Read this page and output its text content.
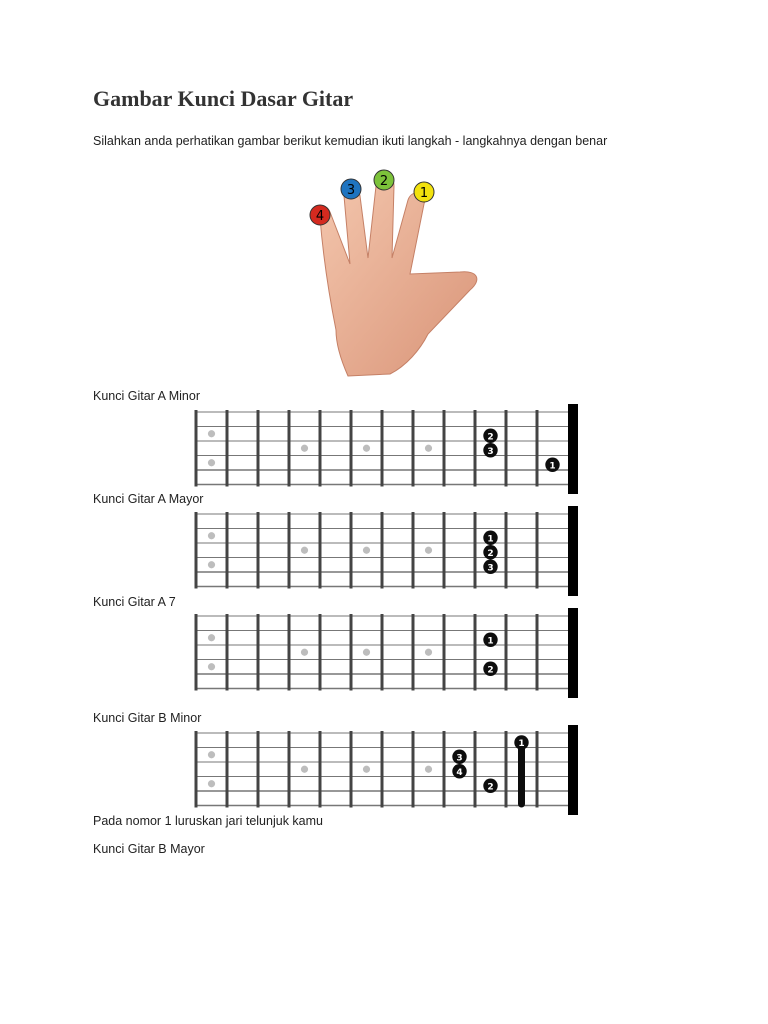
Gambar Kunci Dasar Gitar

Silahkan anda perhatikan gambar berikut kemudian ikuti langkah - langkahnya dengan benar

4
3
2
1

Kunci Gitar A Minor

2
3
1

Kunci Gitar A Mayor

1
2
3

Kunci Gitar A 7

1
2

Kunci Gitar B Minor

1
3
4
2

Pada nomor 1 luruskan jari telunjuk kamu

Kunci Gitar B Mayor
